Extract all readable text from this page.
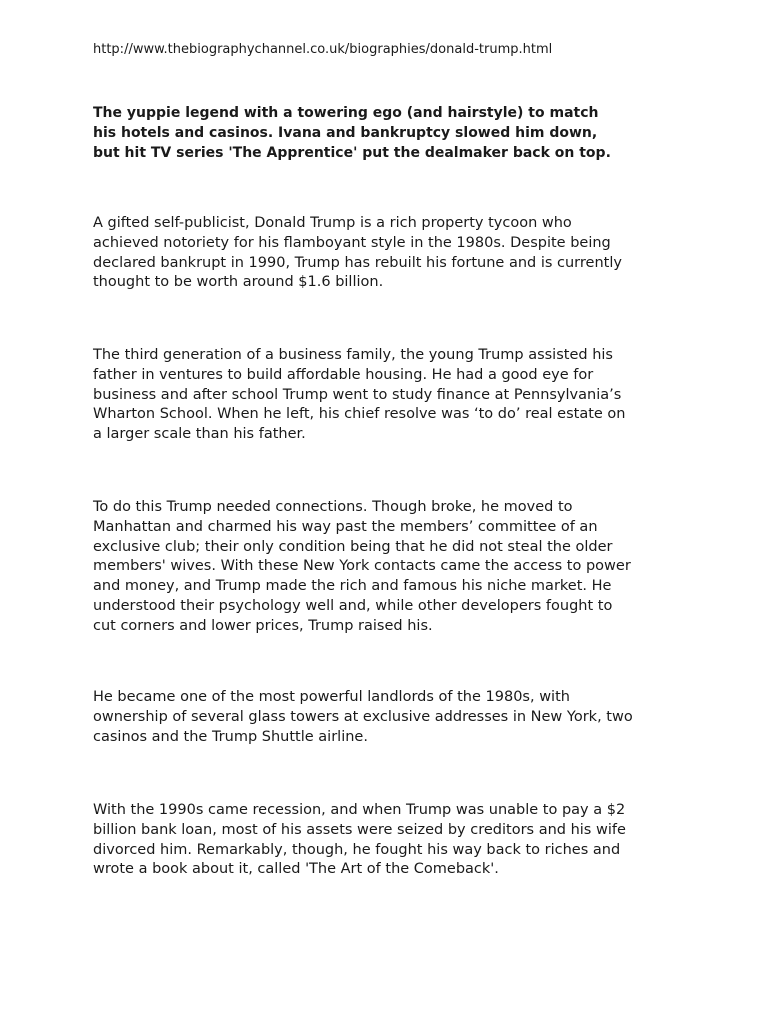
http://www.thebiographychannel.co.uk/biographies/donald-trump.html

The yuppie legend with a towering ego (and hairstyle) to match
his hotels and casinos. Ivana and bankruptcy slowed him down,
but hit TV series 'The Apprentice' put the dealmaker back on top.

A gifted self-publicist, Donald Trump is a rich property tycoon who
achieved notoriety for his flamboyant style in the 1980s. Despite being
declared bankrupt in 1990, Trump has rebuilt his fortune and is currently
thought to be worth around $1.6 billion.

The third generation of a business family, the young Trump assisted his
father in ventures to build affordable housing. He had a good eye for
business and after school Trump went to study finance at Pennsylvania’s
Wharton School. When he left, his chief resolve was ‘to do’ real estate on
a larger scale than his father.

To do this Trump needed connections. Though broke, he moved to
Manhattan and charmed his way past the members’ committee of an
exclusive club; their only condition being that he did not steal the older
members' wives. With these New York contacts came the access to power
and money, and Trump made the rich and famous his niche market. He
understood their psychology well and, while other developers fought to
cut corners and lower prices, Trump raised his.

He became one of the most powerful landlords of the 1980s, with
ownership of several glass towers at exclusive addresses in New York, two
casinos and the Trump Shuttle airline.

With the 1990s came recession, and when Trump was unable to pay a $2
billion bank loan, most of his assets were seized by creditors and his wife
divorced him. Remarkably, though, he fought his way back to riches and
wrote a book about it, called 'The Art of the Comeback'.
